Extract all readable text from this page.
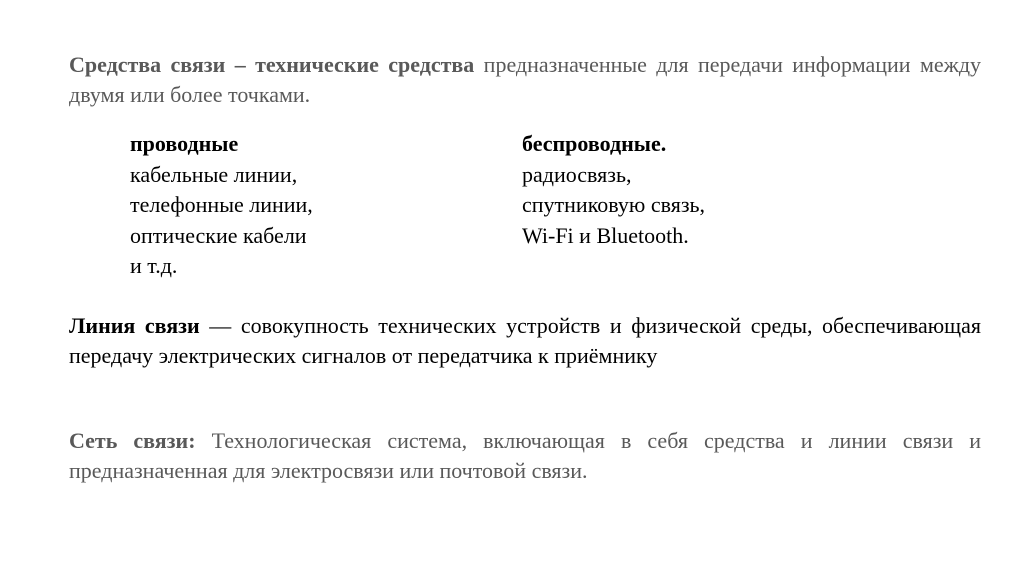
Средства связи – технические средства предназначенные для передачи информации между двумя или более точками.
проводные
кабельные линии,
телефонные линии,
оптические кабели
и т.д.
беспроводные.
радиосвязь,
спутниковую связь,
Wi-Fi и Bluetooth.
Линия связи — совокупность технических устройств и физической среды, обеспечивающая передачу электрических сигналов от передатчика к приёмнику
Сеть связи: Технологическая система, включающая в себя средства и линии связи и предназначенная для электросвязи или почтовой связи.
